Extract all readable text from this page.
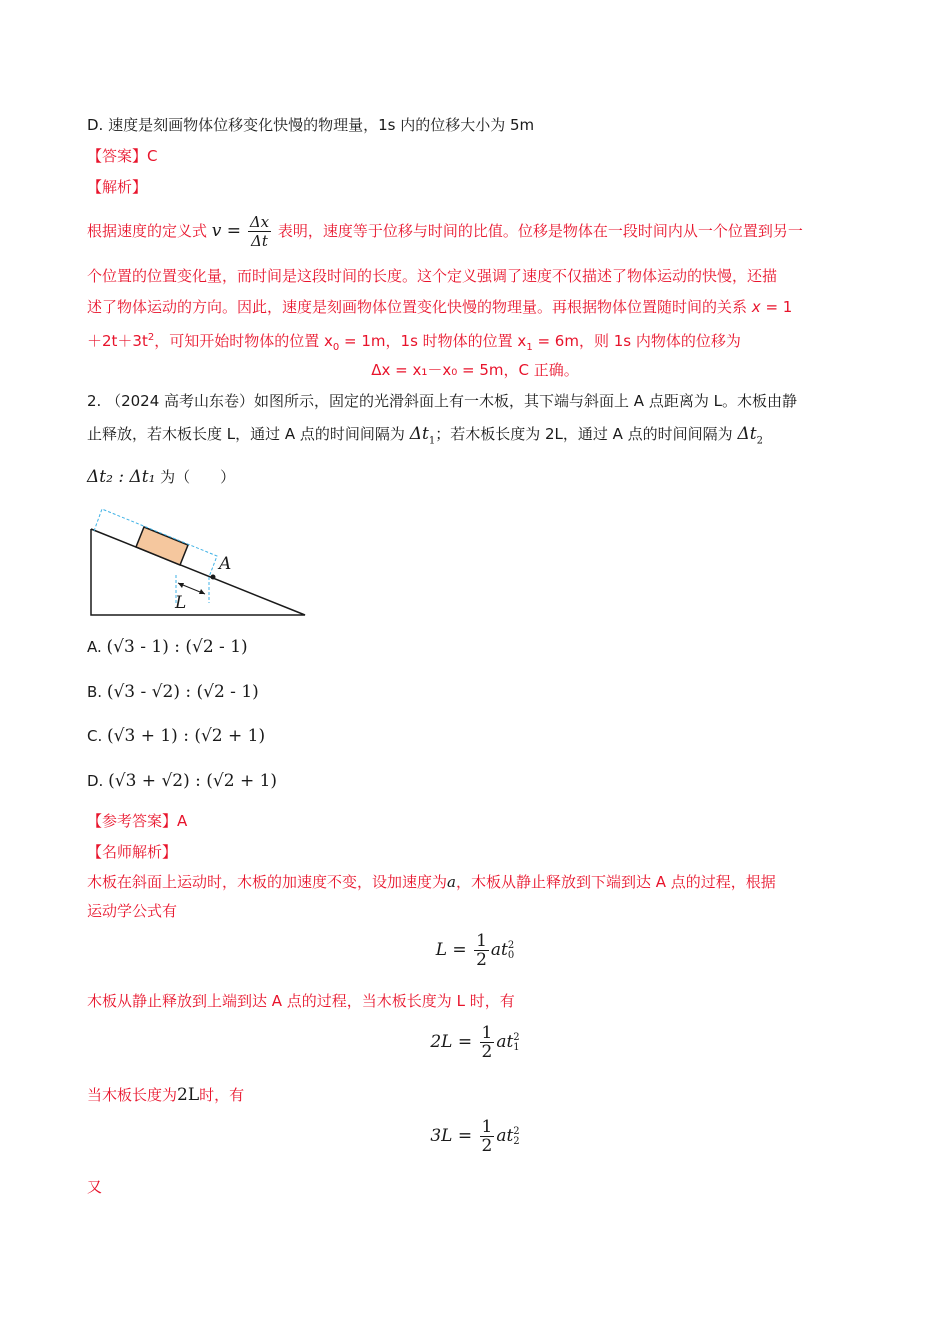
D. 速度是刻画物体位移变化快慢的物理量，1s 内的位移大小为 5m
【答案】C
【解析】
根据速度的定义式 $v = \frac{\Delta x}{\Delta t}$ 表明，速度等于位移与时间的比值。位移是物体在一段时间内从一个位置到另一
个位置的位置变化量，而时间是这段时间的长度。这个定义强调了速度不仅描述了物体运动的快慢，还描
述了物体运动的方向。因此，速度是刻画物体位置变化快慢的物理量。再根据物体位置随时间的关系 x = 1
$+2t+3t^2$，可知开始时物体的位置 $x_0 = 1m$，1s 时物体的位置 $x_1 = 6m$，则 1s 内物体的位移为
Δx = x₁－x₀ = 5m，C 正确。
2. （2024 高考山东卷）如图所示，固定的光滑斜面上有一木板，其下端与斜面上 A 点距离为 L。木板由静
止释放，若木板长度 L，通过 A 点的时间间隔为 $\Delta t_1$；若木板长度为 2L，通过 A 点的时间间隔为 $\Delta t_2$
Δt₂ : Δt₁ 为（　　）
A
L
A. (√3 - 1) : (√2 - 1)
B. (√3 - √2) : (√2 - 1)
C. (√3 + 1) : (√2 + 1)
D. (√3 + √2) : (√2 + 1)
【参考答案】A
【名师解析】
木板在斜面上运动时，木板的加速度不变，设加速度为a，木板从静止释放到下端到达 A 点的过程，根据
运动学公式有
$L = \frac{1}{2}$ at 2
0
木板从静止释放到上端到达 A 点的过程，当木板长度为 L 时，有
$2L = \frac{1}{2}$ at 2
1
当木板长度为2L时，有
$3L = \frac{1}{2}$ at 2
2
又
